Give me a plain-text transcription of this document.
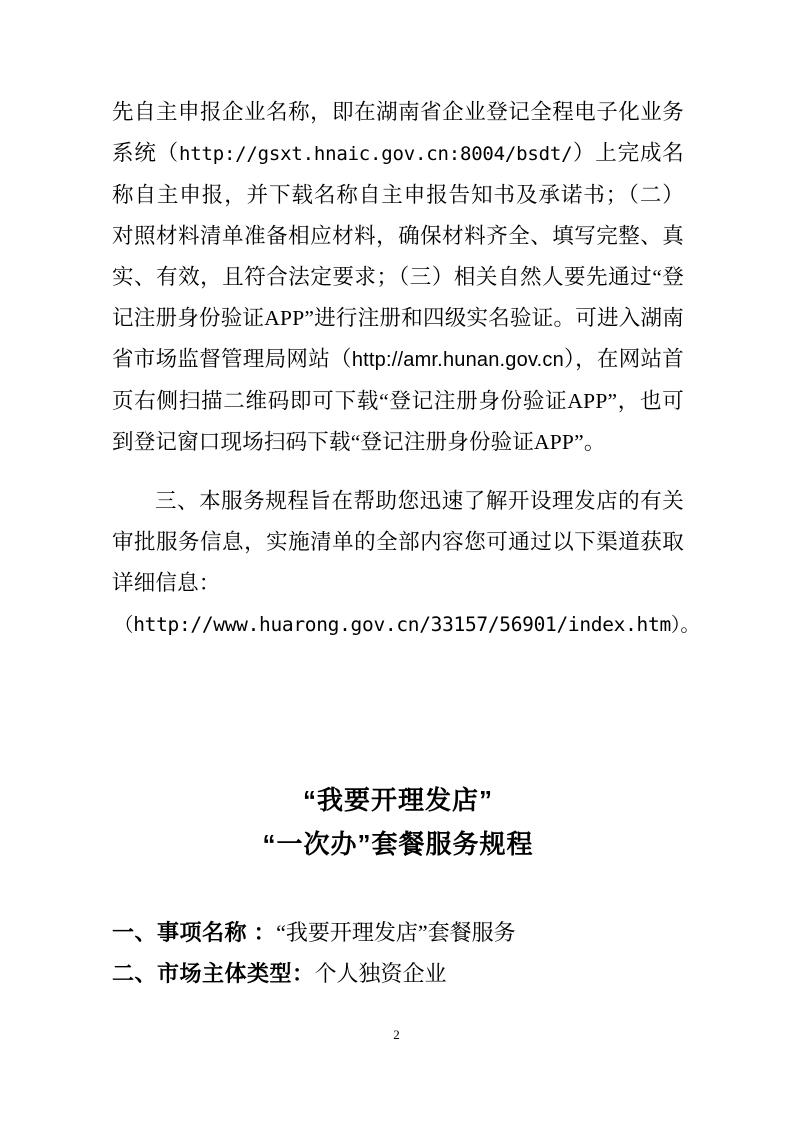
先自主申报企业名称，即在湖南省企业登记全程电子化业务系统（http://gsxt.hnaic.gov.cn:8004/bsdt/）上完成名称自主申报，并下载名称自主申报告知书及承诺书；（二）对照材料清单准备相应材料，确保材料齐全、填写完整、真实、有效，且符合法定要求；（三）相关自然人要先通过“登记注册身份验证APP”进行注册和四级实名验证。可进入湖南省市场监督管理局网站（http://amr.hunan.gov.cn），在网站首页右侧扫描二维码即可下载“登记注册身份验证APP”，也可到登记窗口现场扫码下载“登记注册身份验证APP”。

三、本服务规程旨在帮助您迅速了解开设理发店的有关审批服务信息，实施清单的全部内容您可通过以下渠道获取详细信息：

（http://www.huarong.gov.cn/33157/56901/index.htm）。

“我要开理发店”
“一次办”套餐服务规程
一、事项名称 ：“我要开理发店”套餐服务
二、市场主体类型：个人独资企业
2
